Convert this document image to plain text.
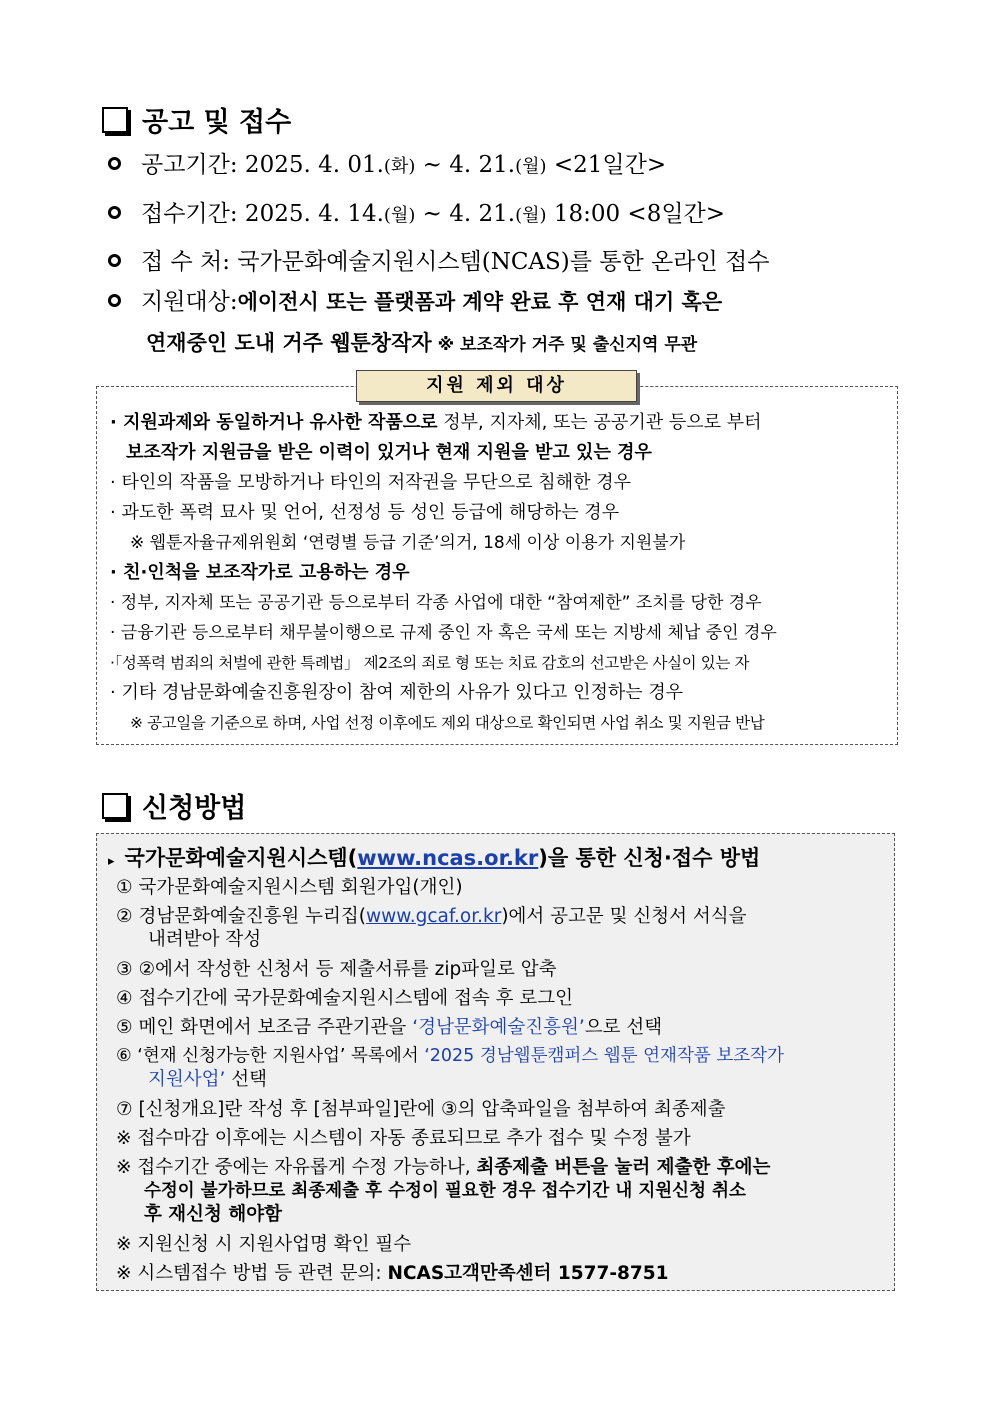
공고 및 접수
공고기간: 2025. 4. 01.(화) ~ 4. 21.(월) <21일간>
접수기간: 2025. 4. 14.(월) ~ 4. 21.(월) 18:00 <8일간>
접 수 처: 국가문화예술지원시스템(NCAS)를 통한 온라인 접수
지원대상: 에이전시 또는 플랫폼과 계약 완료 후 연재 대기 혹은
연재중인 도내 거주 웹툰창작자 ※ 보조작가 거주 및 출신지역 무관
지원 제외 대상
· 지원과제와 동일하거나 유사한 작품으로 정부, 지자체, 또는 공공기관 등으로 부터
보조작가 지원금을 받은 이력이 있거나 현재 지원을 받고 있는 경우
· 타인의 작품을 모방하거나 타인의 저작권을 무단으로 침해한 경우
· 과도한 폭력 묘사 및 언어, 선정성 등 성인 등급에 해당하는 경우
※ 웹툰자율규제위원회 ‘연령별 등급 기준’의거, 18세 이상 이용가 지원불가
· 친·인척을 보조작가로 고용하는 경우
· 정부, 지자체 또는 공공기관 등으로부터 각종 사업에 대한 “참여제한” 조치를 당한 경우
· 금융기관 등으로부터 채무불이행으로 규제 중인 자 혹은 국세 또는 지방세 체납 중인 경우
·「성폭력 범죄의 처벌에 관한 특례법」 제2조의 죄로 형 또는 치료 감호의 선고받은 사실이 있는 자
· 기타 경남문화예술진흥원장이 참여 제한의 사유가 있다고 인정하는 경우
※ 공고일을 기준으로 하며, 사업 선정 이후에도 제외 대상으로 확인되면 사업 취소 및 지원금 반납
신청방법
▸ 국가문화예술지원시스템(www.ncas.or.kr)을 통한 신청·접수 방법
① 국가문화예술지원시스템 회원가입(개인)
② 경남문화예술진흥원 누리집(www.gcaf.or.kr)에서 공고문 및 신청서 서식을
내려받아 작성
③ ②에서 작성한 신청서 등 제출서류를 zip파일로 압축
④ 접수기간에 국가문화예술지원시스템에 접속 후 로그인
⑤ 메인 화면에서 보조금 주관기관을 ‘경남문화예술진흥원’으로 선택
⑥ ‘현재 신청가능한 지원사업’ 목록에서 ‘2025 경남웹툰캠퍼스 웹툰 연재작품 보조작가
지원사업’ 선택
⑦ [신청개요]란 작성 후 [첨부파일]란에 ③의 압축파일을 첨부하여 최종제출
※ 접수마감 이후에는 시스템이 자동 종료되므로 추가 접수 및 수정 불가
※ 접수기간 중에는 자유롭게 수정 가능하나, 최종제출 버튼을 눌러 제출한 후에는
수정이 불가하므로 최종제출 후 수정이 필요한 경우 접수기간 내 지원신청 취소
후 재신청 해야함
※ 지원신청 시 지원사업명 확인 필수
※ 시스템접수 방법 등 관련 문의: NCAS고객만족센터 1577-8751
